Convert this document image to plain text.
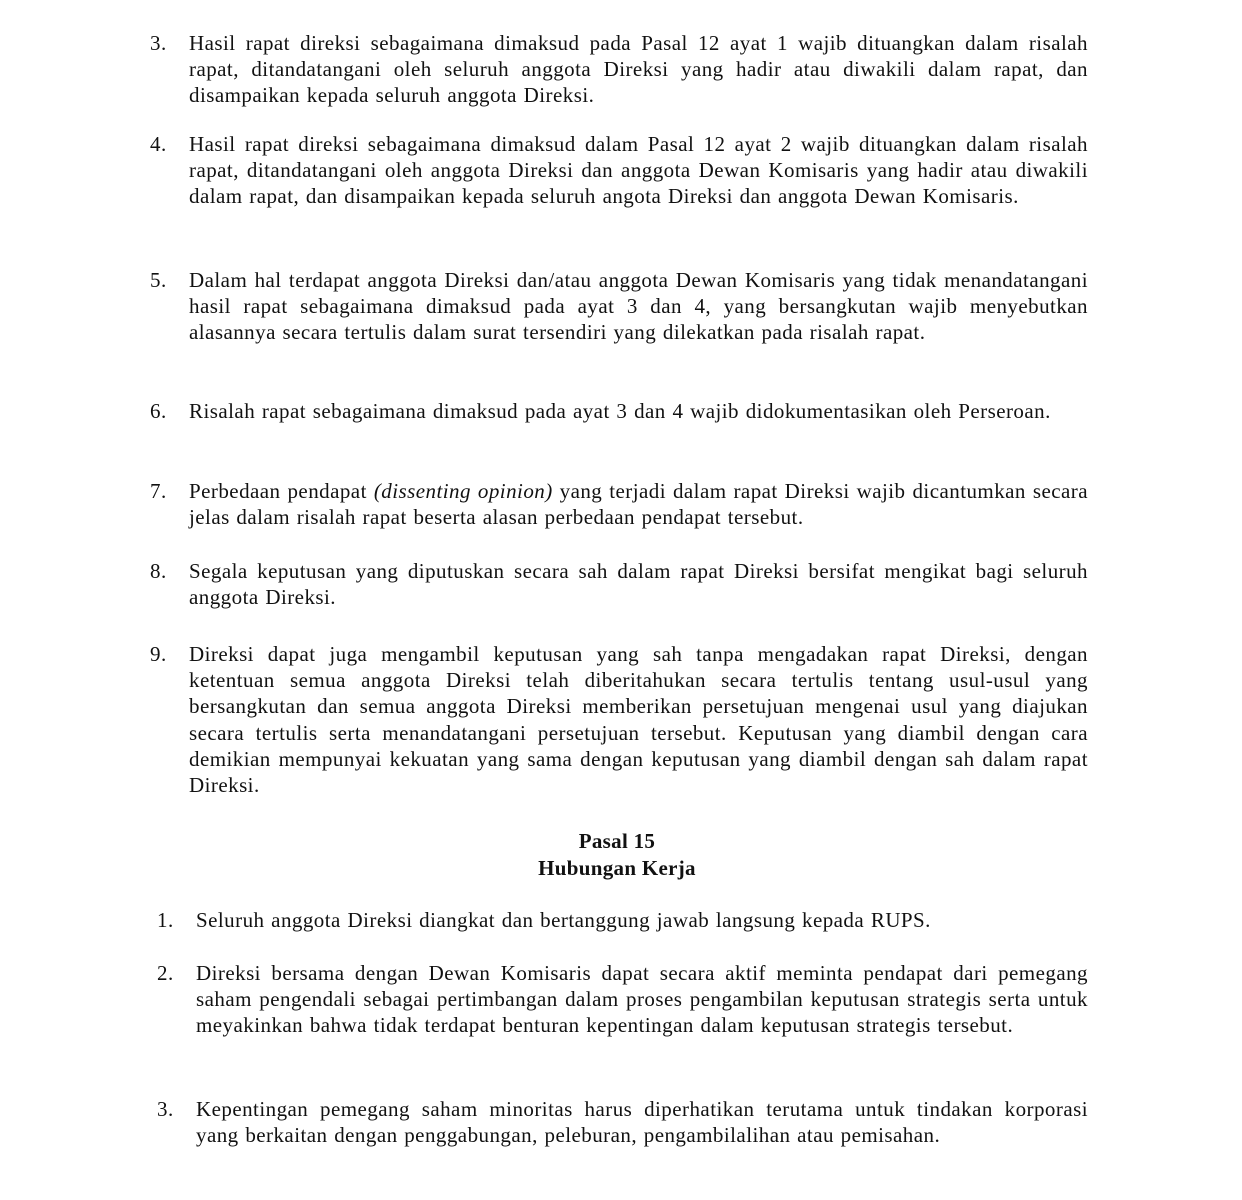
3.	Hasil rapat direksi sebagaimana dimaksud pada Pasal 12 ayat 1 wajib dituangkan dalam risalah rapat, ditandatangani oleh seluruh anggota Direksi yang hadir atau diwakili dalam rapat, dan disampaikan kepada seluruh anggota Direksi.
4.	Hasil rapat direksi sebagaimana dimaksud dalam Pasal 12 ayat 2 wajib dituangkan dalam risalah rapat, ditandatangani oleh anggota Direksi dan anggota Dewan Komisaris yang hadir atau diwakili dalam rapat, dan disampaikan kepada seluruh angota Direksi dan anggota Dewan Komisaris.
5.	Dalam hal terdapat anggota Direksi dan/atau anggota Dewan Komisaris yang tidak menandatangani hasil rapat sebagaimana dimaksud pada ayat 3 dan 4, yang bersangkutan wajib menyebutkan alasannya secara tertulis dalam surat tersendiri yang dilekatkan pada risalah rapat.
6.	Risalah rapat sebagaimana dimaksud pada ayat 3 dan 4 wajib didokumentasikan oleh Perseroan.
7.	Perbedaan pendapat (dissenting opinion) yang terjadi dalam rapat Direksi wajib dicantumkan secara jelas dalam risalah rapat beserta alasan perbedaan pendapat tersebut.
8.	Segala keputusan yang diputuskan secara sah dalam rapat Direksi bersifat mengikat bagi seluruh anggota Direksi.
9.	Direksi dapat juga mengambil keputusan yang sah tanpa mengadakan rapat Direksi, dengan ketentuan semua anggota Direksi telah diberitahukan secara tertulis tentang usul-usul yang bersangkutan dan semua anggota Direksi memberikan persetujuan mengenai usul yang diajukan secara tertulis serta menandatangani persetujuan tersebut. Keputusan yang diambil dengan cara demikian mempunyai kekuatan yang sama dengan keputusan yang diambil dengan sah dalam rapat Direksi.
Pasal 15
Hubungan Kerja
1.	Seluruh anggota Direksi diangkat dan bertanggung jawab langsung kepada RUPS.
2.	Direksi bersama dengan Dewan Komisaris dapat secara aktif meminta pendapat dari pemegang saham pengendali sebagai pertimbangan dalam proses pengambilan keputusan strategis serta untuk meyakinkan bahwa tidak terdapat benturan kepentingan dalam keputusan strategis tersebut.
3.	Kepentingan pemegang saham minoritas harus diperhatikan terutama untuk tindakan korporasi yang berkaitan dengan penggabungan, peleburan, pengambilalihan atau pemisahan.
